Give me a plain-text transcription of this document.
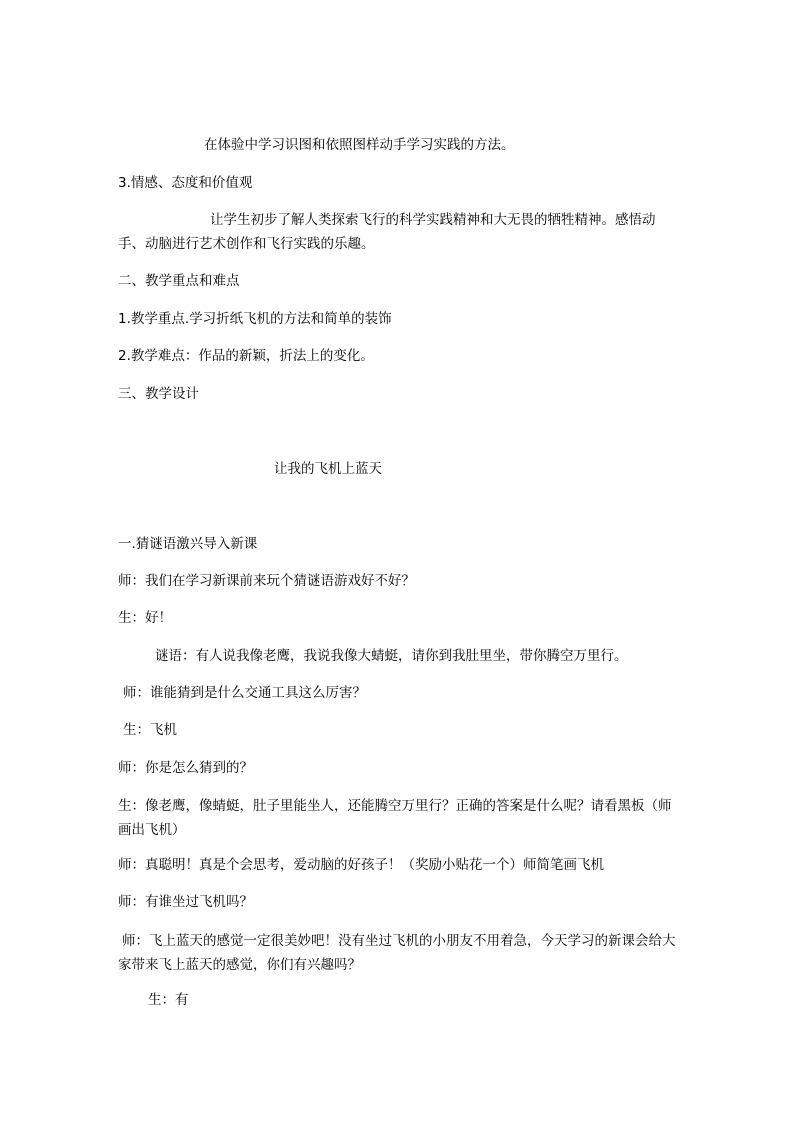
在体验中学习识图和依照图样动手学习实践的方法。
3.情感、态度和价值观
让学生初步了解人类探索飞行的科学实践精神和大无畏的牺牲精神。感悟动手、动脑进行艺术创作和飞行实践的乐趣。
二、教学重点和难点
1.教学重点.学习折纸飞机的方法和简单的装饰
2.教学难点：作品的新颖，折法上的变化。
三、教学设计
让我的飞机上蓝天
一.猜谜语激兴导入新课
师：我们在学习新课前来玩个猜谜语游戏好不好？
生：好！
谜语：有人说我像老鹰，我说我像大蜻蜓，请你到我肚里坐，带你腾空万里行。
师：谁能猜到是什么交通工具这么厉害？
生：飞机
师：你是怎么猜到的？
生：像老鹰，像蜻蜓，肚子里能坐人，还能腾空万里行？正确的答案是什么呢？请看黑板（师画出飞机）
师：真聪明！真是个会思考，爱动脑的好孩子！（奖励小贴花一个）师简笔画飞机
师：有谁坐过飞机吗？
师：飞上蓝天的感觉一定很美妙吧！没有坐过飞机的小朋友不用着急，今天学习的新课会给大家带来飞上蓝天的感觉，你们有兴趣吗？
生：有
